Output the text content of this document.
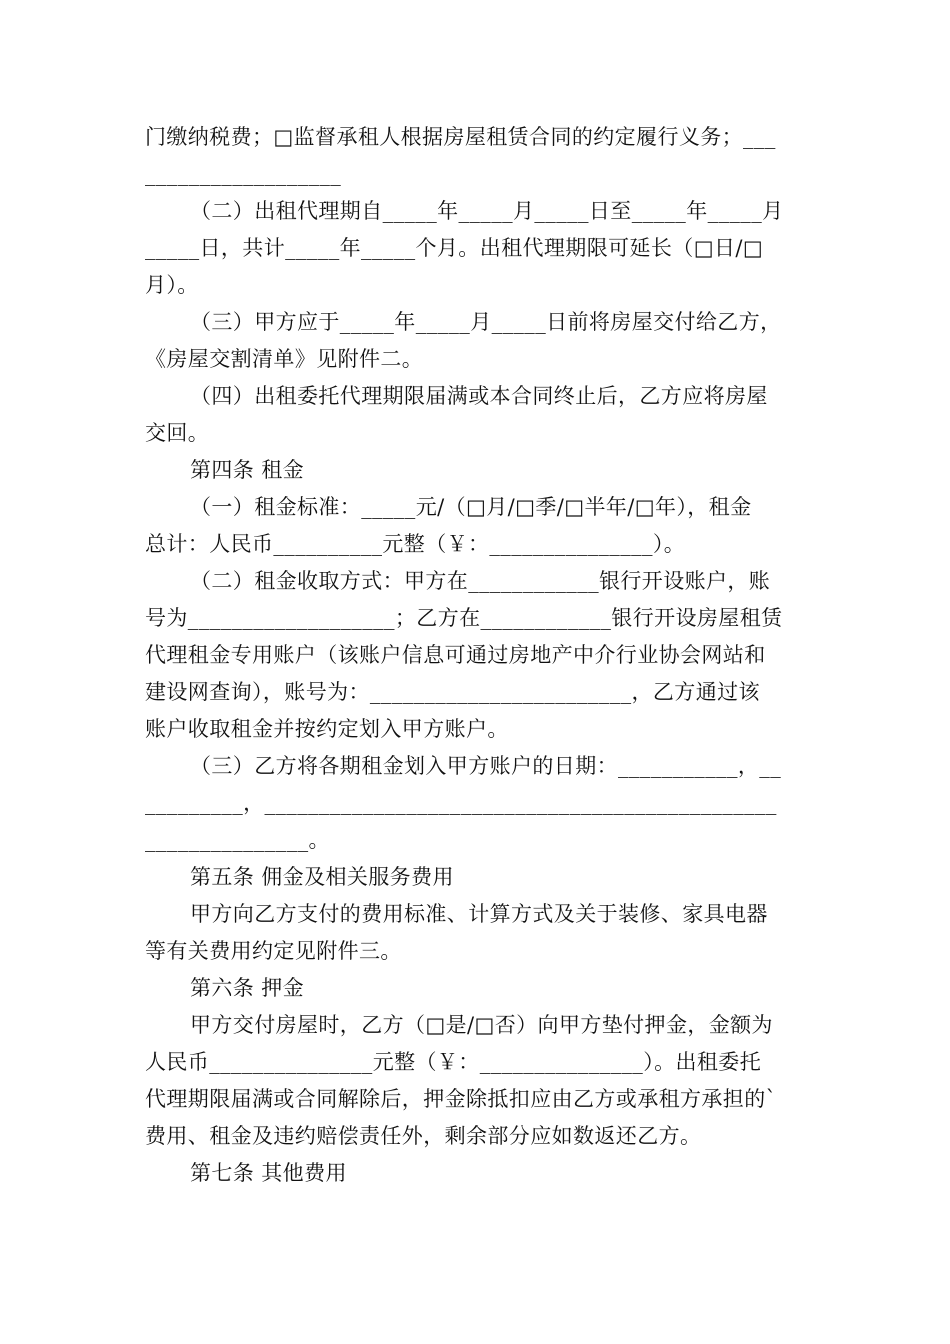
门缴纳税费；□监督承租人根据房屋租赁合同的约定履行义务；___
__________________
（二）出租代理期自_____年_____月_____日至_____年_____月
_____日，共计_____年_____个月。出租代理期限可延长（□日/□
月）。
（三）甲方应于_____年_____月_____日前将房屋交付给乙方，
《房屋交割清单》见附件二。
（四）出租委托代理期限届满或本合同终止后，乙方应将房屋
交回。
第四条 租金
（一）租金标准：_____元/（□月/□季/□半年/□年），租金
总计：人民币__________元整（￥：_______________）。
（二）租金收取方式：甲方在____________银行开设账户，账
号为___________________；乙方在____________银行开设房屋租赁
代理租金专用账户（该账户信息可通过房地产中介行业协会网站和
建设网查询），账号为：________________________，乙方通过该
账户收取租金并按约定划入甲方账户。
（三）乙方将各期租金划入甲方账户的日期：___________，__
_________，_______________________________________________
_______________。
第五条 佣金及相关服务费用
甲方向乙方支付的费用标准、计算方式及关于装修、家具电器
等有关费用约定见附件三。
第六条 押金
甲方交付房屋时，乙方（□是/□否）向甲方垫付押金，金额为
人民币_______________元整（￥：_______________）。出租委托
代理期限届满或合同解除后，押金除抵扣应由乙方或承租方承担的`
费用、租金及违约赔偿责任外，剩余部分应如数返还乙方。
第七条 其他费用
